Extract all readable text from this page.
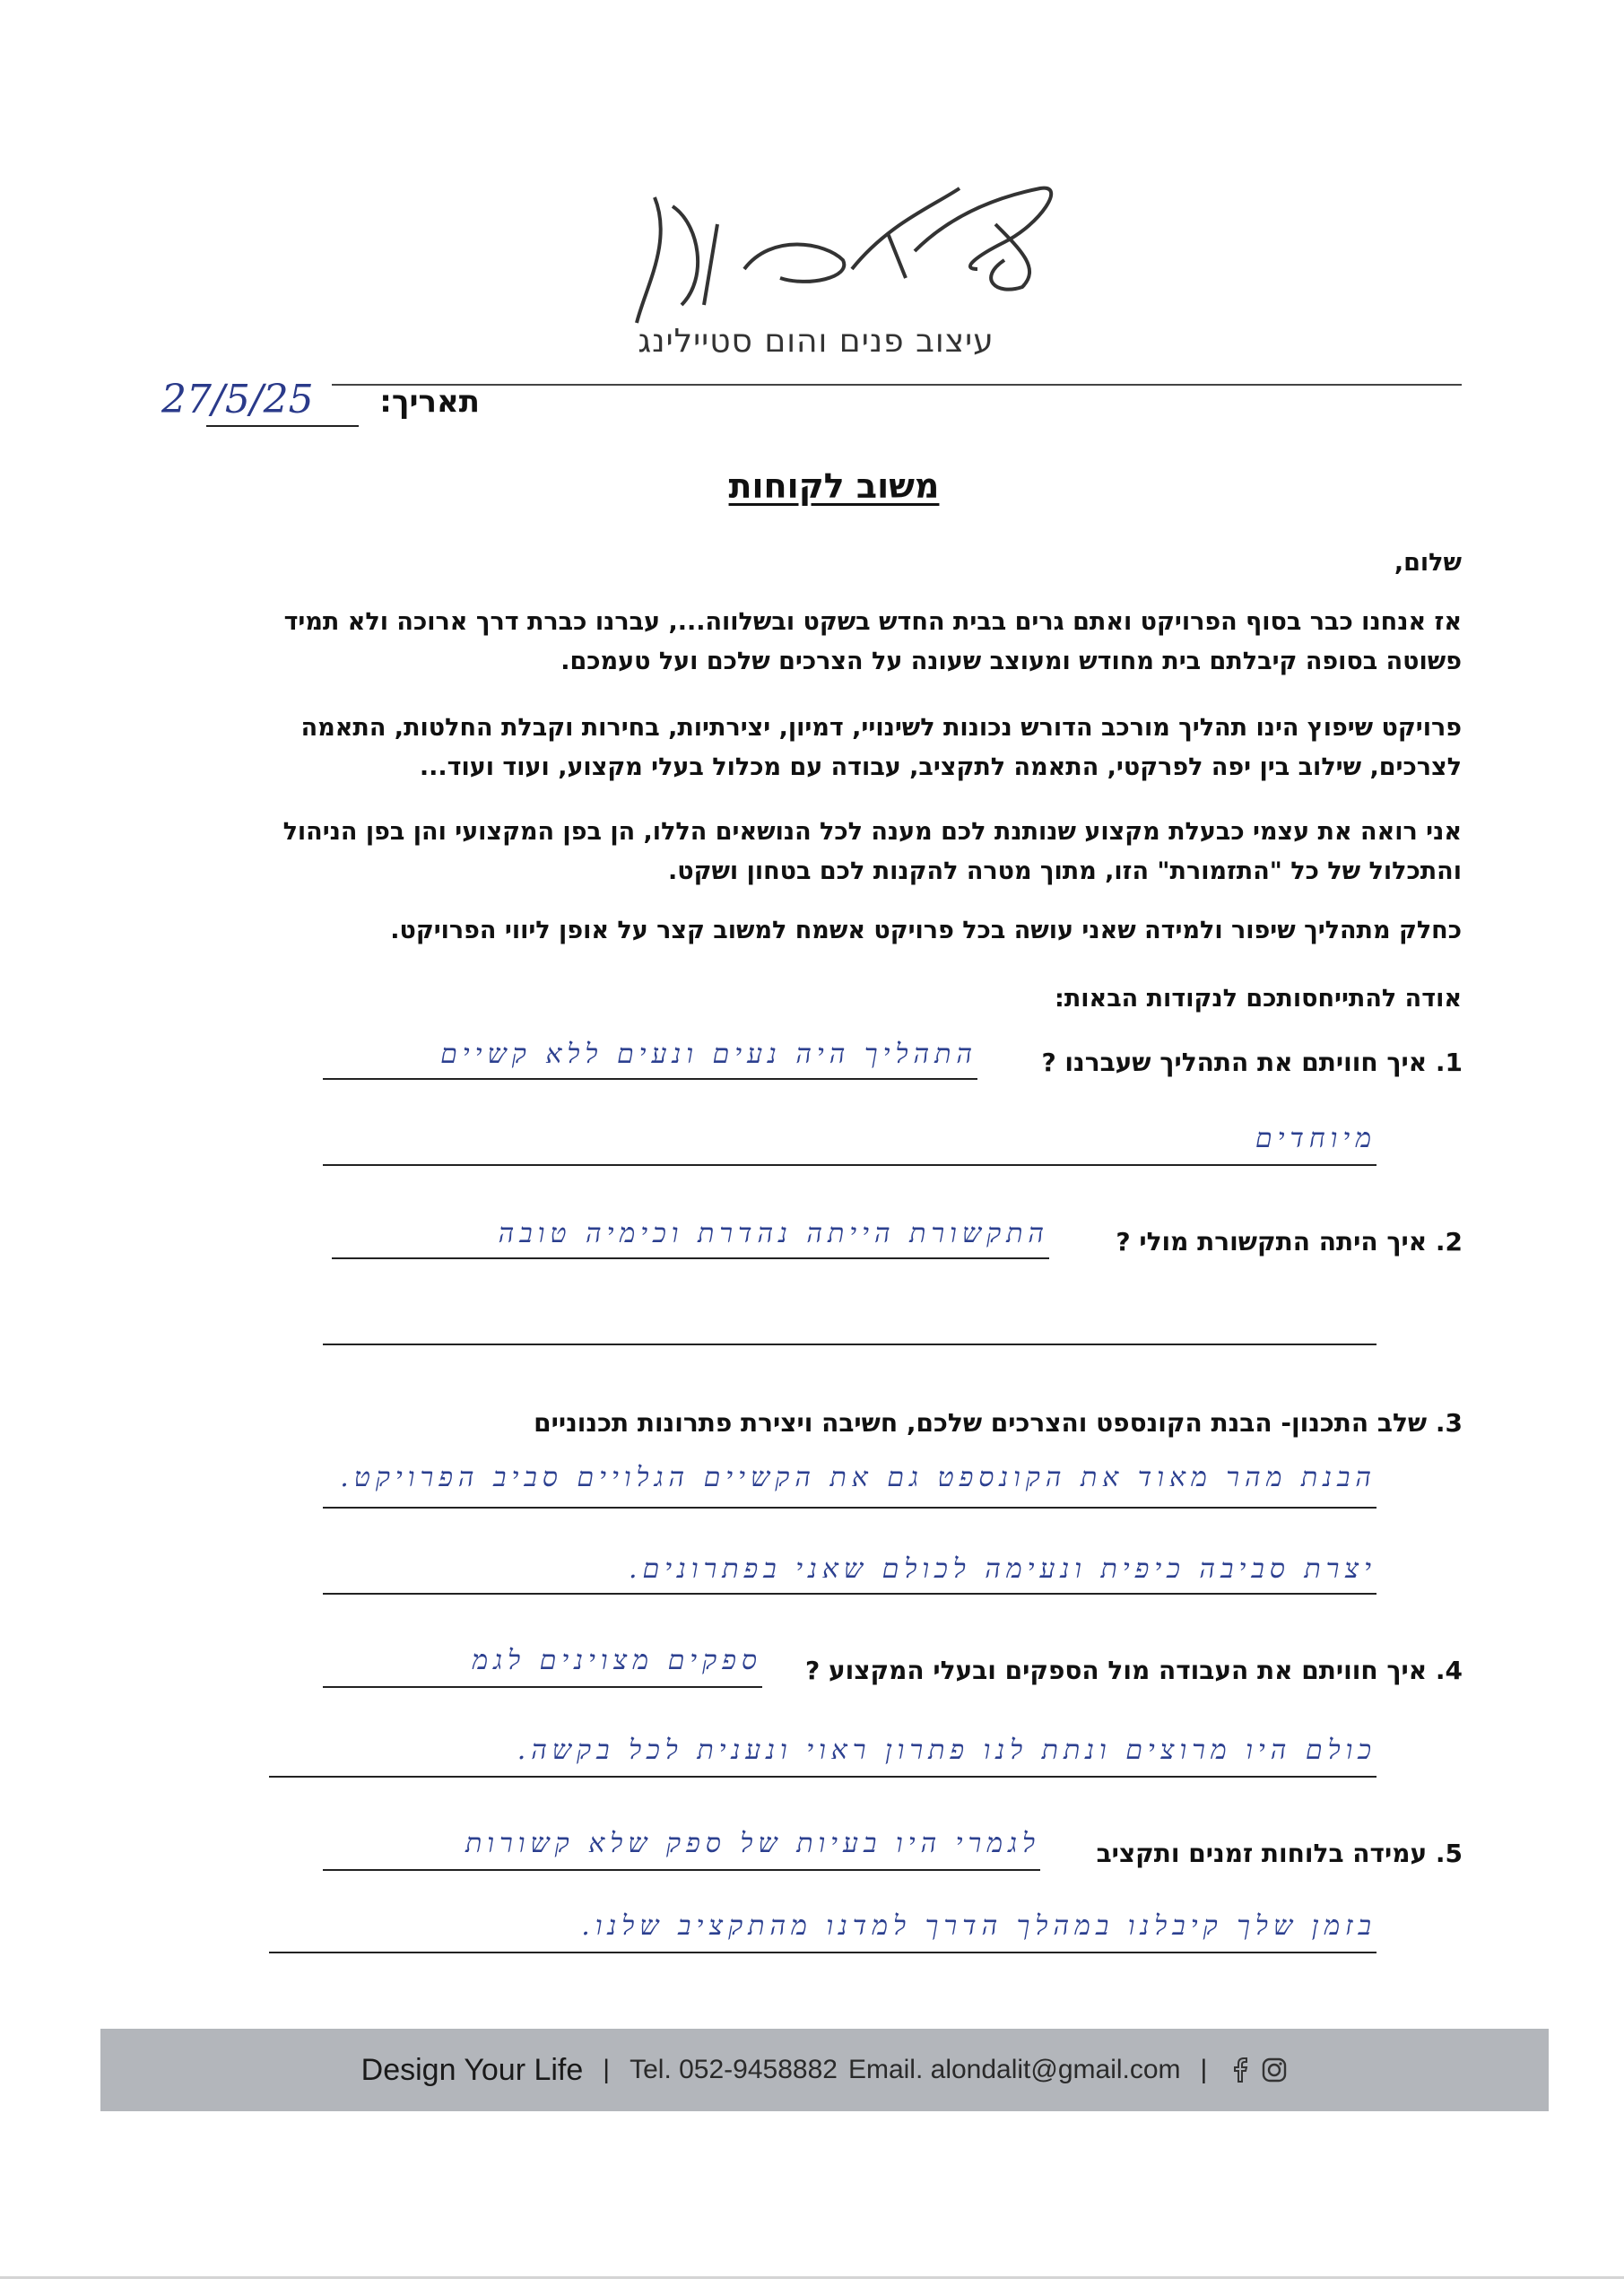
עיצוב פנים והום סטיילינג
תאריך:
27/5/25
משוב לקוחות
שלום,

אז אנחנו כבר בסוף הפרויקט ואתם גרים בבית החדש בשקט ובשלווה..., עברנו כברת דרך ארוכה ולא תמיד

פשוטה בסופה קיבלתם בית מחודש ומעוצב שעונה על הצרכים שלכם ועל טעמכם.

פרויקט שיפוץ הינו תהליך מורכב הדורש נכונות לשינויי, דמיון, יצירתיות, בחירות וקבלת החלטות, התאמה

לצרכים, שילוב בין יפה לפרקטי, התאמה לתקציב, עבודה עם מכלול בעלי מקצוע, ועוד ועוד...

אני רואה את עצמי כבעלת מקצוע שנותנת לכם מענה לכל הנושאים הללו, הן בפן המקצועי והן בפן הניהול

והתכלול של כל "התזמורת" הזו, מתוך מטרה להקנות לכם בטחון ושקט.

כחלק מתהליך שיפור ולמידה שאני עושה בכל פרויקט אשמח למשוב קצר על אופן ליווי הפרויקט.

אודה להתייחסותכם לנקודות הבאות:

1. איך חוויתם את התהליך שעברנו ?
התהליך היה נעים ונעים ללא קשיים
מיוחדים
2. איך היתה התקשורת מולי ?
התקשורת הייתה נהדרת וכימיה טובה
3. שלב התכנון- הבנת הקונספט והצרכים שלכם, חשיבה ויצירת פתרונות תכנוניים
הבנת מהר מאוד את הקונספט גם את הקשיים הגלויים סביב הפרויקט.
יצרת סביבה כיפית ונעימה לכולם שאני בפתרונים.
4. איך חוויתם את העבודה מול הספקים ובעלי המקצוע ?
ספקים מצוינים לגמ
כולם היו מרוצים ונתת לנו פתרון ראוי ונענית לכל בקשה.
5. עמידה בלוחות זמנים ותקציב
לגמרי היו בעיות של ספק שלא קשורות
בזמן שלך קיבלנו במהלך הדרך למדנו מהתקציב שלנו.
Design Your Life | Tel. 052-9458882 Email. alondalit@gmail.com |
